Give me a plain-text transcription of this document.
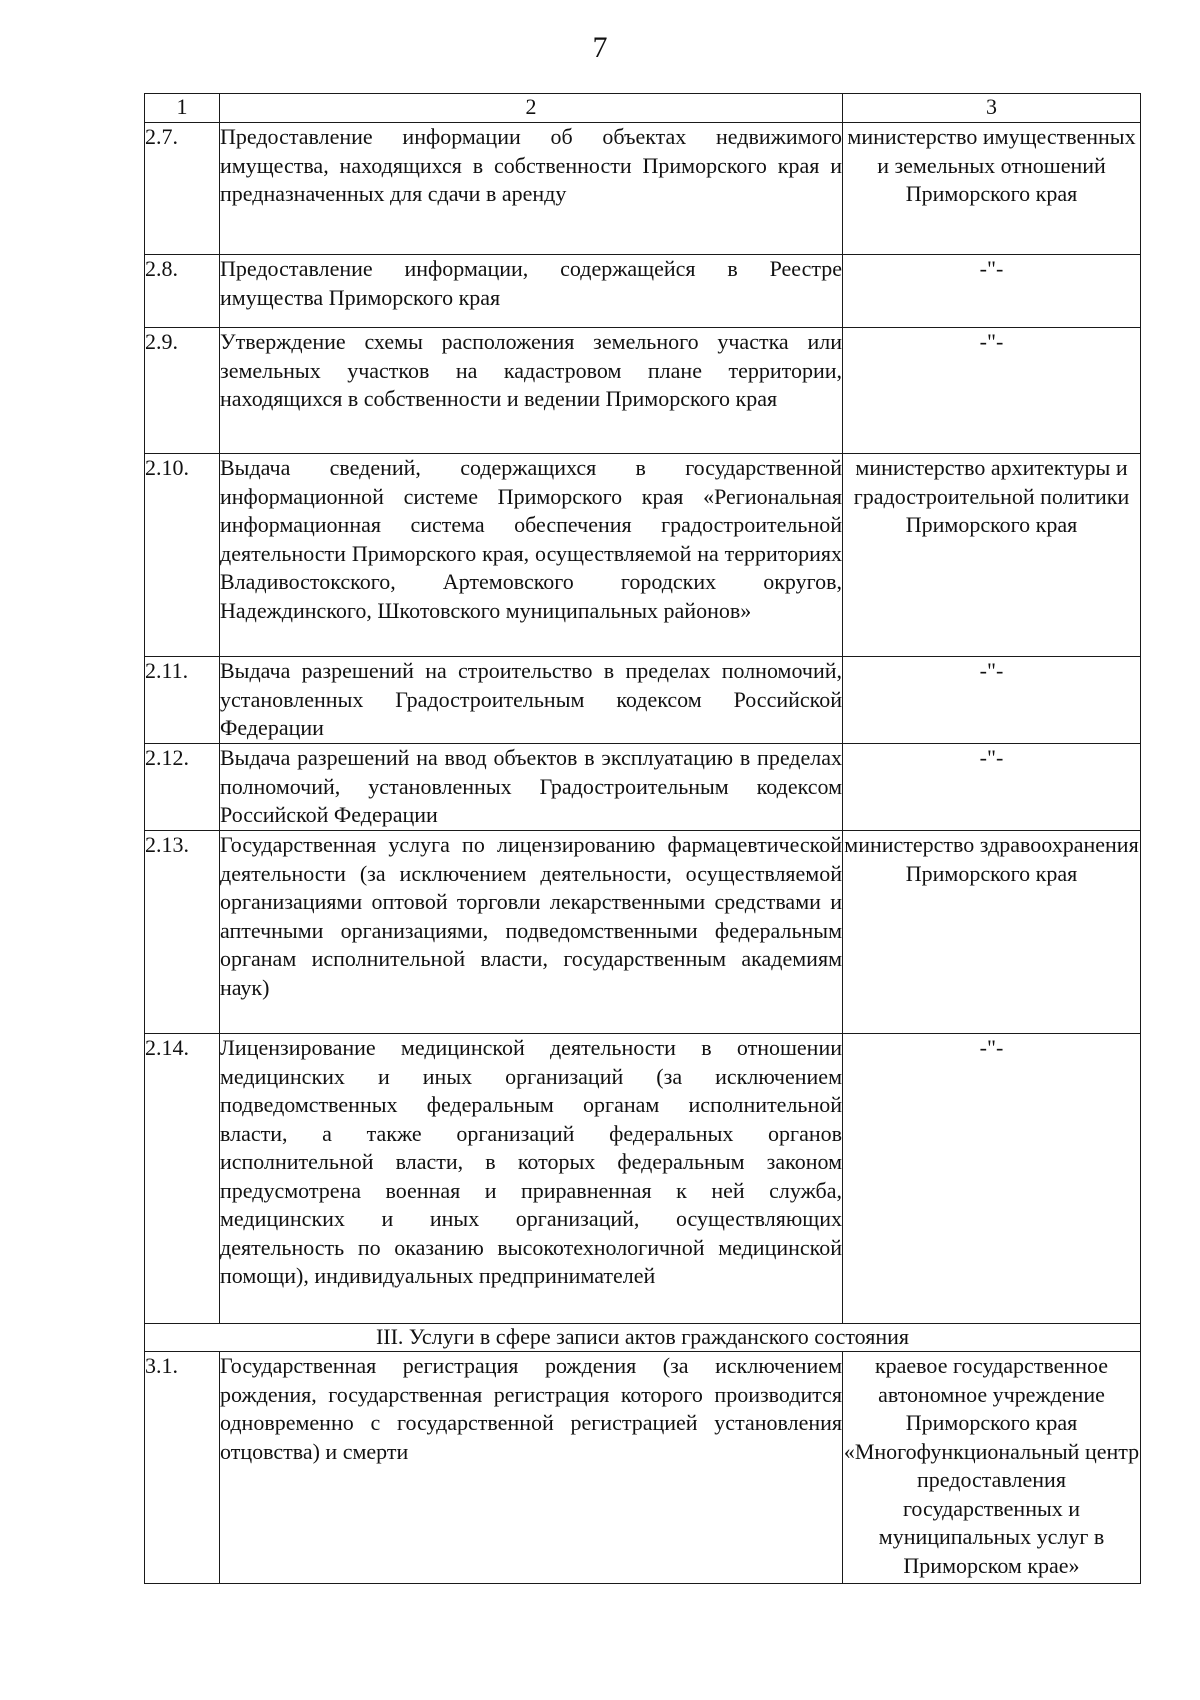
7
1	2	3
2.7.	Предоставление информации об объектах недвижимого имущества, находящихся в собственности Приморского края и предназначенных для сдачи в аренду	министерство имущественных и земельных отношений Приморского края
2.8.	Предоставление информации, содержащейся в Реестре имущества Приморского края	-"-
2.9.	Утверждение схемы расположения земельного участка или земельных участков на кадастровом плане территории, находящихся в собственности и ведении Приморского края	-"-
2.10.	Выдача сведений, содержащихся в государственной информационной системе Приморского края «Региональная информационная система обеспечения градостроительной деятельности Приморского края, осуществляемой на территориях Владивостокского, Артемовского городских округов, Надеждинского, Шкотовского муниципальных районов»	министерство архитектуры и градостроительной политики Приморского края
2.11.	Выдача разрешений на строительство в пределах полномочий, установленных Градостроительным кодексом Российской Федерации	-"-
2.12.	Выдача разрешений на ввод объектов в эксплуатацию в пределах полномочий, установленных Градостроительным кодексом Российской Федерации	-"-
2.13.	Государственная услуга по лицензированию фармацевтической деятельности (за исключением деятельности, осуществляемой организациями оптовой торговли лекарственными средствами и аптечными организациями, подведомственными федеральным органам исполнительной власти, государственным академиям наук)	министерство здравоохранения Приморского края
2.14.	Лицензирование медицинской деятельности в отношении медицинских и иных организаций (за исключением подведомственных федеральным органам исполнительной власти, а также организаций федеральных органов исполнительной власти, в которых федеральным законом предусмотрена военная и приравненная к ней служба, медицинских и иных организаций, осуществляющих деятельность по оказанию высокотехнологичной медицинской помощи), индивидуальных предпринимателей	-"-
III. Услуги в сфере записи актов гражданского состояния		
3.1.	Государственная регистрация рождения (за исключением рождения, государственная регистрация которого производится одновременно с государственной регистрацией установления отцовства) и смерти	краевое государственное автономное учреждение Приморского края «Многофункциональный центр предоставления государственных и муниципальных услуг в Приморском крае»
